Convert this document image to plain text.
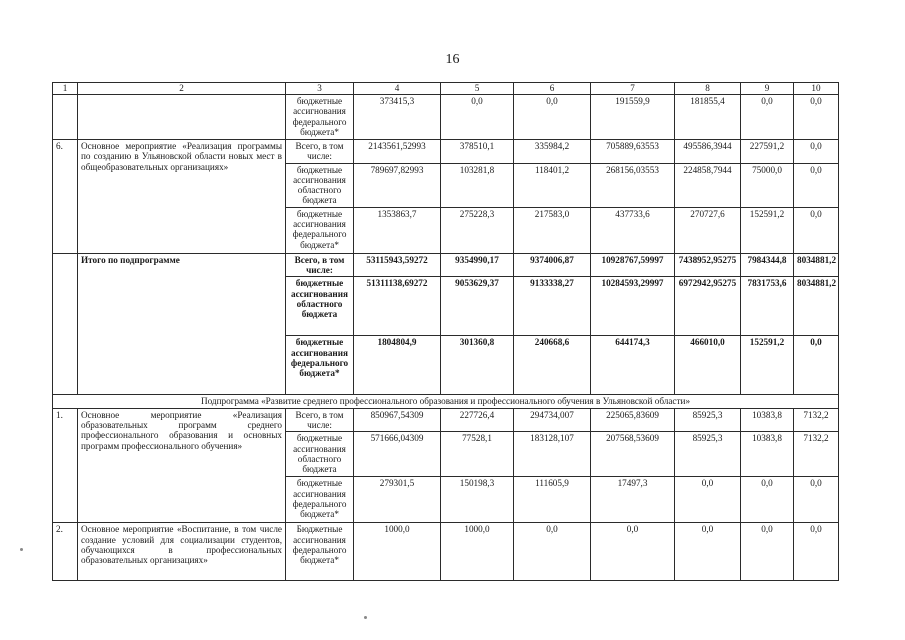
16
1	2	3	4	5	6	7	8	9	10
		бюджетные ассигнования федерального бюджета*	373415,3	0,0	0,0	191559,9	181855,4	0,0	0,0
6.	Основное мероприятие «Реализация программы по созданию в Ульяновской области новых мест в общеобразовательных организациях»	Всего, в том числе:	2143561,52993	378510,1	335984,2	705889,63553	495586,3944	227591,2	0,0
		бюджетные ассигнования областного бюджета	789697,82993	103281,8	118401,2	268156,03553	224858,7944	75000,0	0,0
		бюджетные ассигнования федерального бюджета*	1353863,7	275228,3	217583,0	437733,6	270727,6	152591,2	0,0
	Итого по подпрограмме	Всего, в том числе:	53115943,59272	9354990,17	9374006,87	10928767,59997	7438952,95275	7984344,8	8034881,2
		бюджетные ассигнования областного бюджета	51311138,69272	9053629,37	9133338,27	10284593,29997	6972942,95275	7831753,6	8034881,2
		бюджетные ассигнования федерального бюджета*	1804804,9	301360,8	240668,6	644174,3	466010,0	152591,2	0,0
Подпрограмма «Развитие среднего профессионального образования и профессионального обучения в Ульяновской области»									
1.	Основное мероприятие «Реализация образовательных программ среднего профессионального образования и основных программ профессионального обучения»	Всего, в том числе:	850967,54309	227726,4	294734,007	225065,83609	85925,3	10383,8	7132,2
		бюджетные ассигнования областного бюджета	571666,04309	77528,1	183128,107	207568,53609	85925,3	10383,8	7132,2
		бюджетные ассигнования федерального бюджета*	279301,5	150198,3	111605,9	17497,3	0,0	0,0	0,0
2.	Основное мероприятие «Воспитание, в том числе создание условий для социализации студентов, обучающихся в профессиональных образовательных организациях»	Бюджетные ассигнования федерального бюджета*	1000,0	1000,0	0,0	0,0	0,0	0,0	0,0
